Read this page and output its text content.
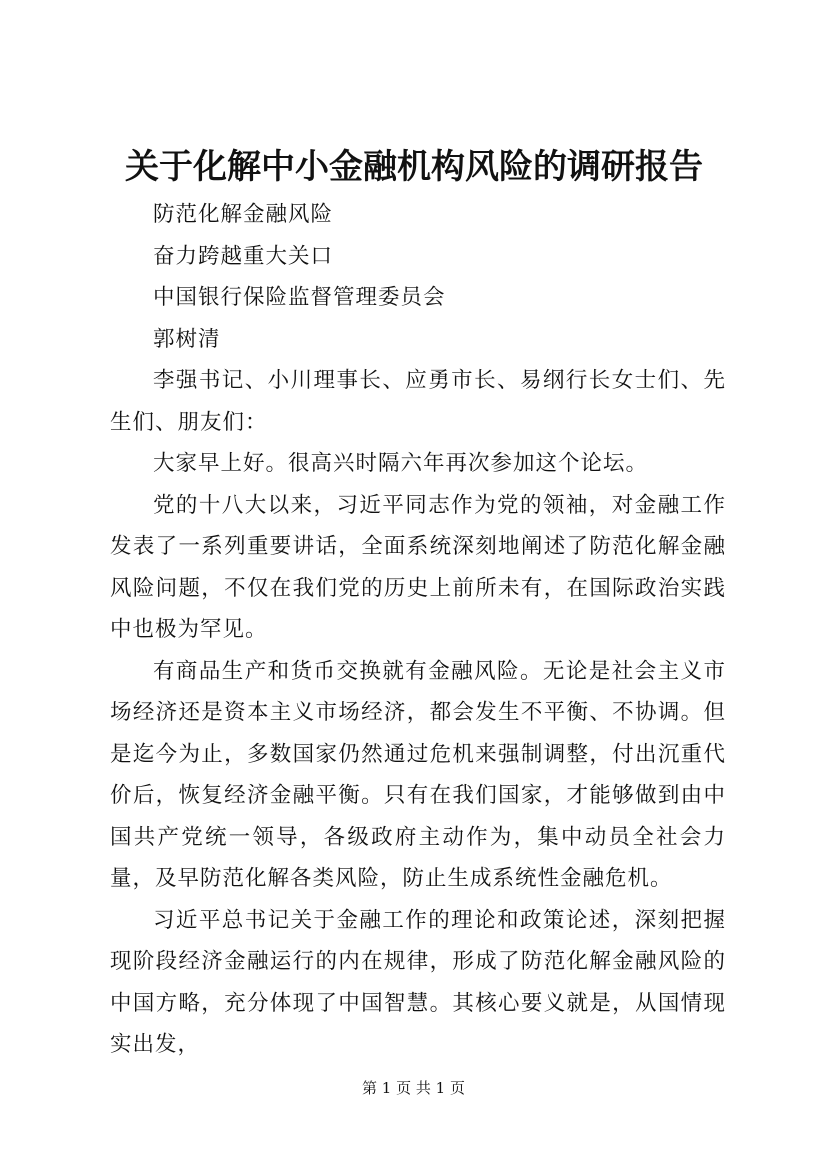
关于化解中小金融机构风险的调研报告

防范化解金融风险

奋力跨越重大关口

中国银行保险监督管理委员会

郭树清

李强书记、小川理事长、应勇市长、易纲行长女士们、先生们、朋友们：

大家早上好。很高兴时隔六年再次参加这个论坛。

党的十八大以来，习近平同志作为党的领袖，对金融工作发表了一系列重要讲话，全面系统深刻地阐述了防范化解金融风险问题，不仅在我们党的历史上前所未有，在国际政治实践中也极为罕见。

有商品生产和货币交换就有金融风险。无论是社会主义市场经济还是资本主义市场经济，都会发生不平衡、不协调。但是迄今为止，多数国家仍然通过危机来强制调整，付出沉重代价后，恢复经济金融平衡。只有在我们国家，才能够做到由中国共产党统一领导，各级政府主动作为，集中动员全社会力量，及早防范化解各类风险，防止生成系统性金融危机。

习近平总书记关于金融工作的理论和政策论述，深刻把握现阶段经济金融运行的内在规律，形成了防范化解金融风险的中国方略，充分体现了中国智慧。其核心要义就是，从国情现实出发，

第 1 页 共 1 页
